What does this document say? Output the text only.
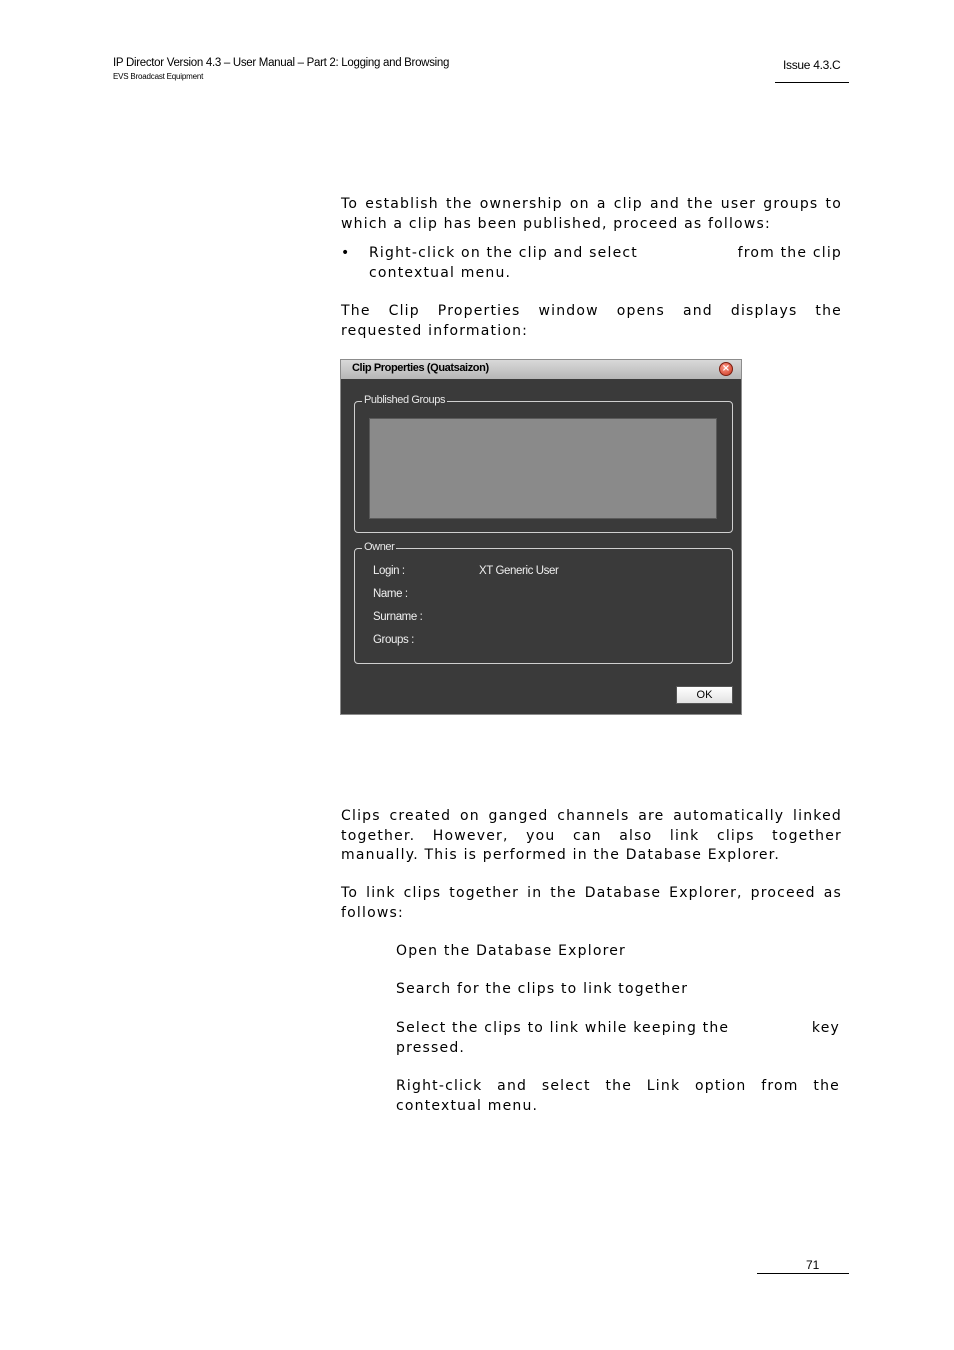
IP Director Version 4.3 – User Manual – Part 2: Logging and Browsing
EVS Broadcast Equipment
Issue 4.3.C
To establish the ownership on a clip and the user groups to which a clip has been published, proceed as follows:
• Right-click on the clip and select	from the clip
contextual menu.
The Clip Properties window opens and displays the requested information:
Clip Properties (Quatsaizon)	×
Published Groups
Owner
Login :	XT Generic User
Name :
Surname :
Groups :
OK
Clips created on ganged channels are automatically linked together. However, you can also link clips together manually. This is performed in the Database Explorer.
To link clips together in the Database Explorer, proceed as follows:
Open the Database Explorer
Search for the clips to link together
Select the clips to link while keeping the	key
pressed.
Right-click and select the Link option from the contextual menu.
71
